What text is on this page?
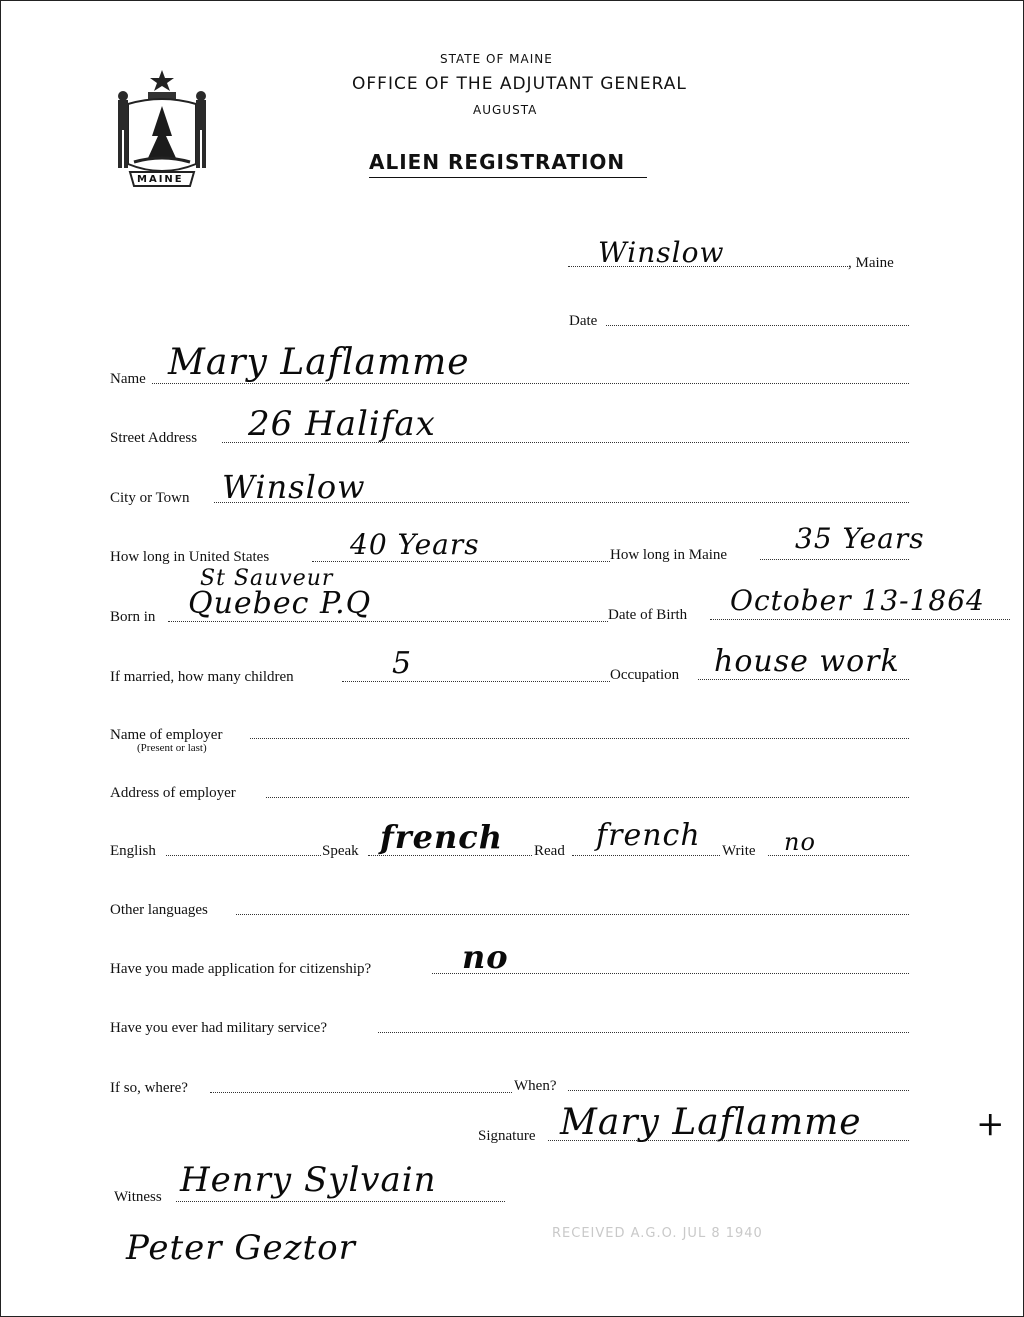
MAINE
STATE OF MAINE
OFFICE OF THE ADJUTANT GENERAL
AUGUSTA
ALIEN REGISTRATION
Winslow	, Maine
Date
Name Mary Laflamme
Street Address 26 Halifax
City or Town Winslow
How long in United States	40 Years	How long in Maine 35 Years
St Sauveur
Born in Quebec P.Q	Date of Birth October 13-1864
If married, how many children	5	Occupation house work
Name of employer
(Present or last)
Address of employer
English	Speak french Read french Write no
Other languages
Have you made application for citizenship?	no
Have you ever had military service?
If so, where?	When?
Signature Mary Laflamme	+
Witness Henry Sylvain
Peter Geztor	RECEIVED A.G.O. JUL 8 1940
